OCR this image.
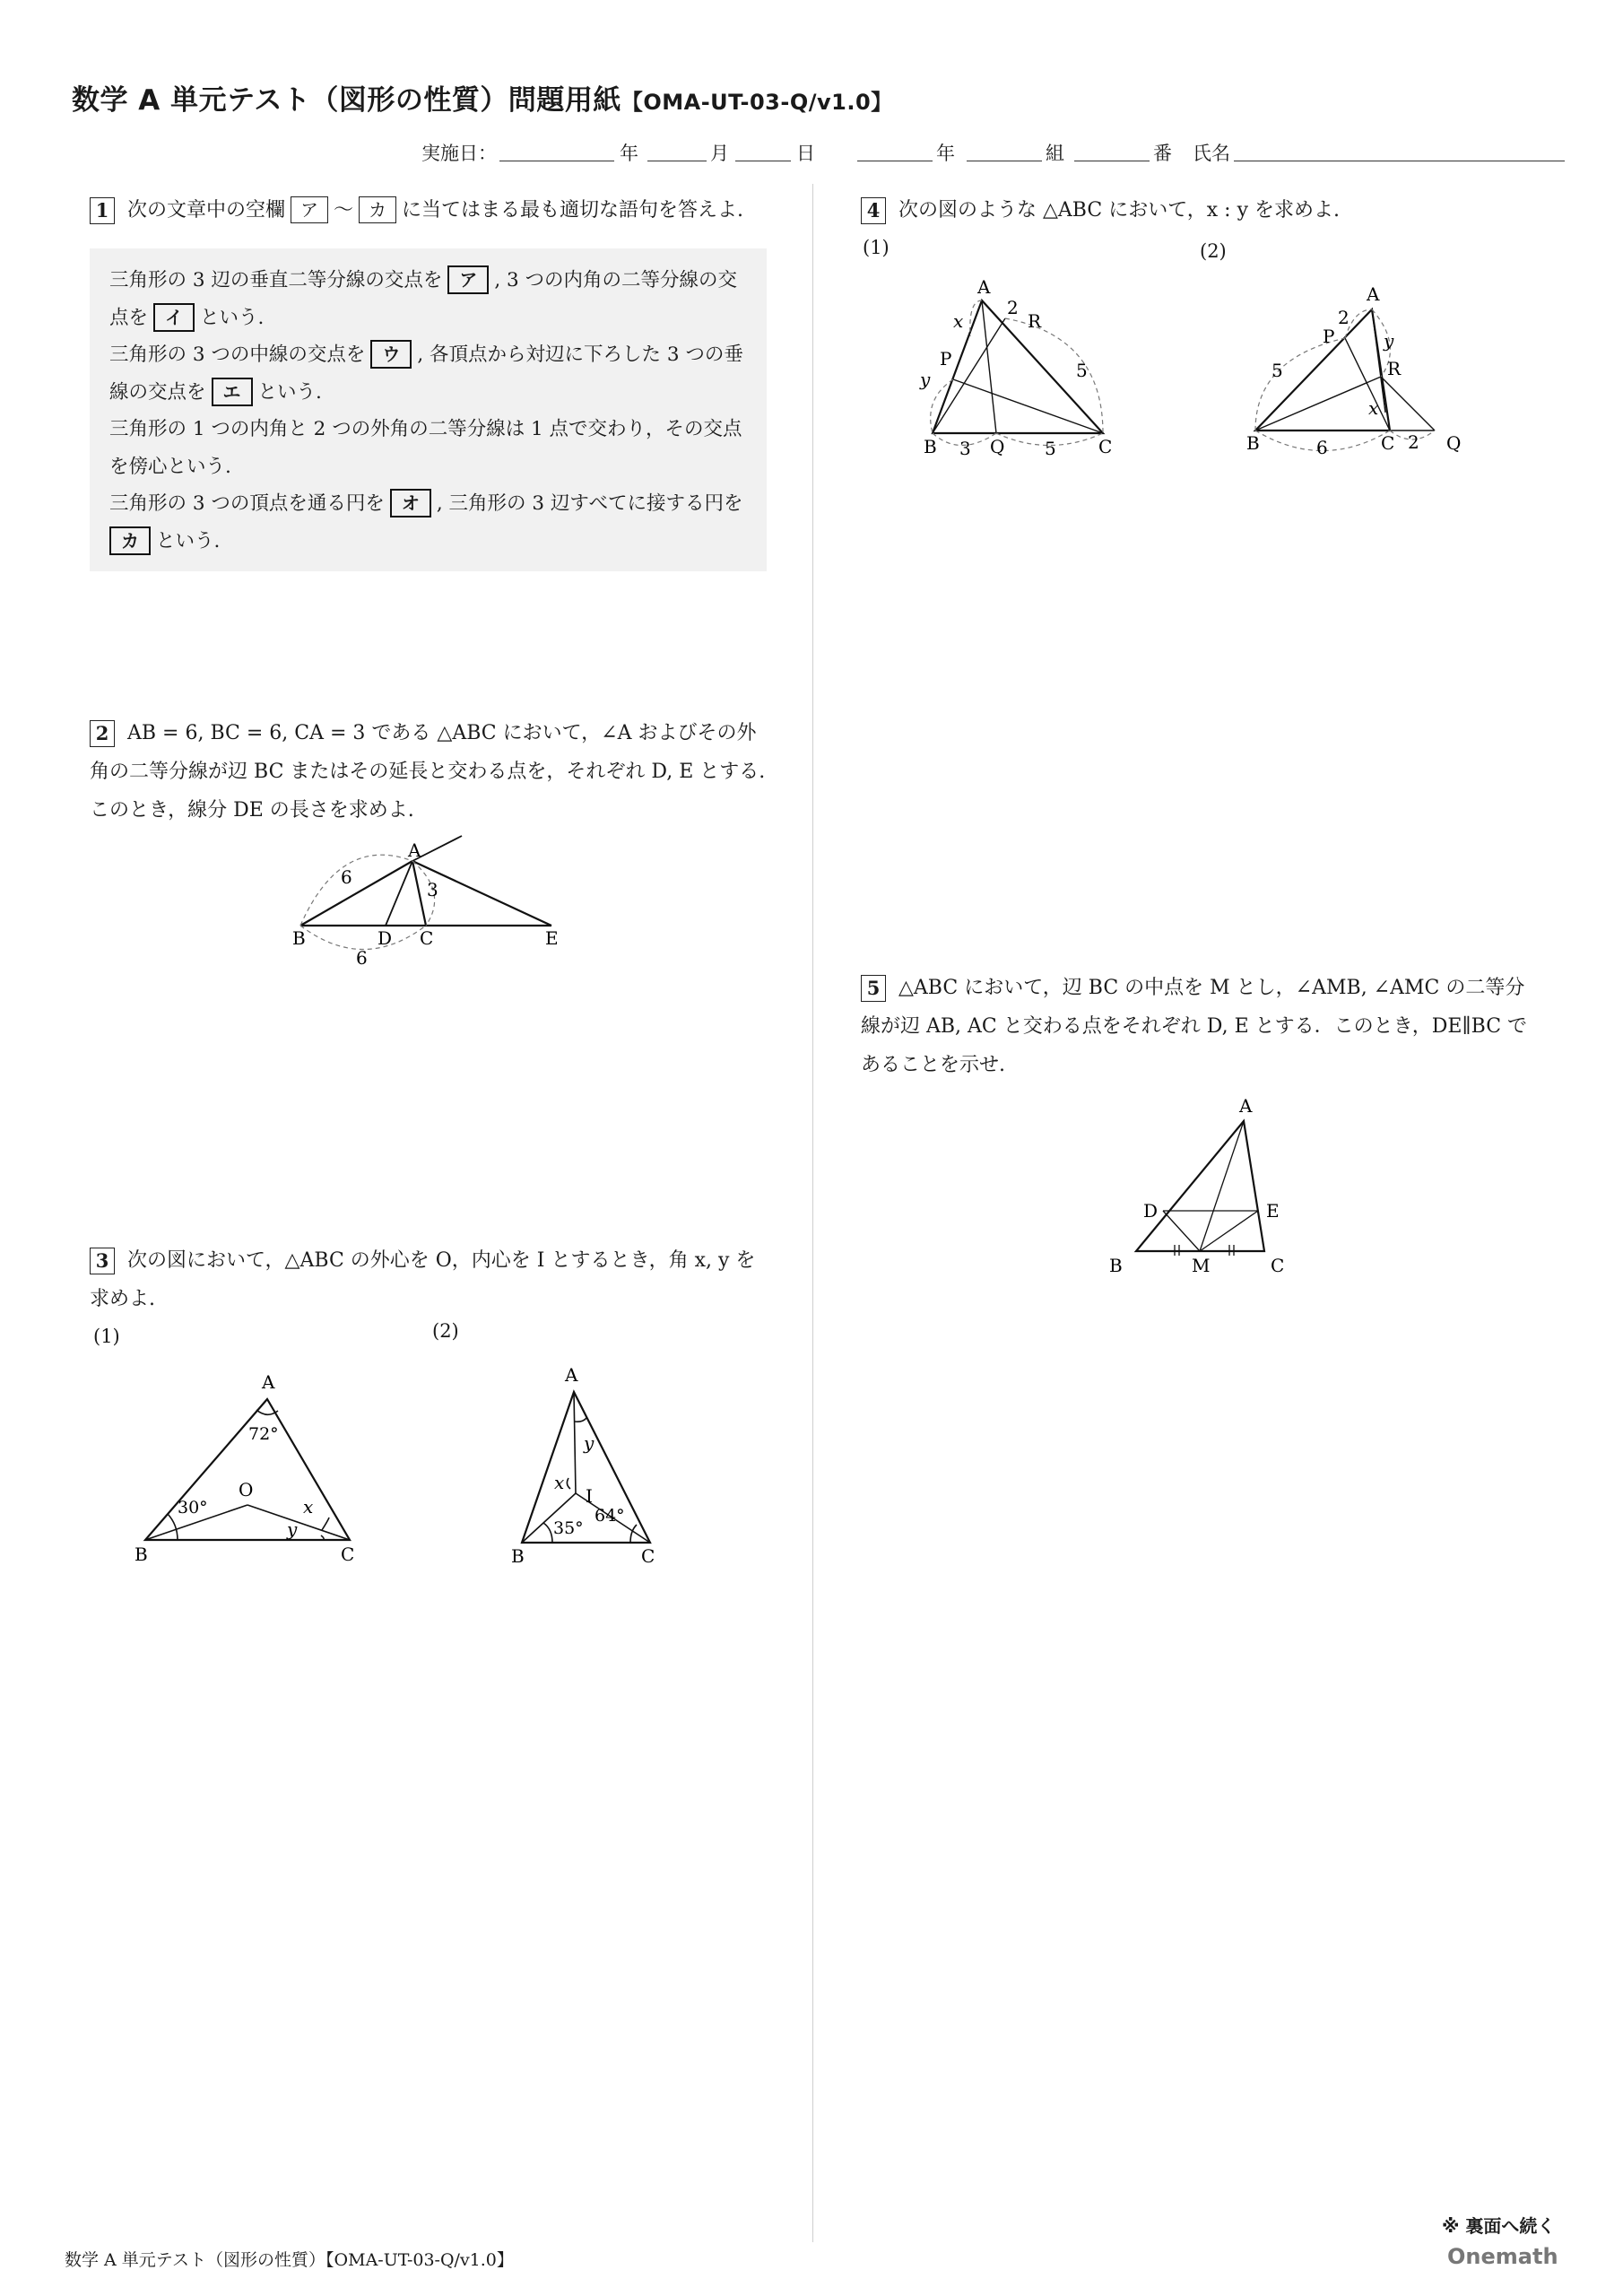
数学 A 単元テスト（図形の性質）問題用紙【OMA-UT-03-Q/v1.0】
実施日：	年	月	日	年	組	番 氏名
1 次の文章中の空欄 ア 〜 カ に当てはまる最も適切な語句を答えよ.
三角形の 3 辺の垂直二等分線の交点を ア , 3 つの内角の二等分線の交
点を イ という.
三角形の 3 つの中線の交点を ウ , 各頂点から対辺に下ろした 3 つの垂
線の交点を エ という.
三角形の 1 つの内角と 2 つの外角の二等分線は 1 点で交わり，その交点
を傍心という.
三角形の 3 つの頂点を通る円を オ , 三角形の 3 辺すべてに接する円を
カ という.
2 AB = 6, BC = 6, CA = 3 である △ABC において，∠A およびその外
角の二等分線が辺 BC またはその延長と交わる点を，それぞれ D, E とする.
このとき，線分 DE の長さを求めよ.
A
B	C
D	E
6
3
6
3 次の図において，△ABC の外心を O，内心を I とするとき，角 x, y を
求めよ.
(1)	(2)
A
B	C
O
72°
30°	x
y
A
B	C
I
35°
64°
x
y
4 次の図のような △ABC において，x : y を求めよ.
(1)	(2)
A
B	C
P
Q
R
x
y
2
5
3	5
A
B	C
P
Q
R
x
y
2
5
6	2
5 △ABC において，辺 BC の中点を M とし，∠AMB, ∠AMC の二等分
線が辺 AB, AC と交わる点をそれぞれ D, E とする．このとき，DE∥BC で
あることを示せ.
A
B	C
D	E
M
※ 裏面へ続く
数学 A 単元テスト（図形の性質）【OMA-UT-03-Q/v1.0】	Onemath
